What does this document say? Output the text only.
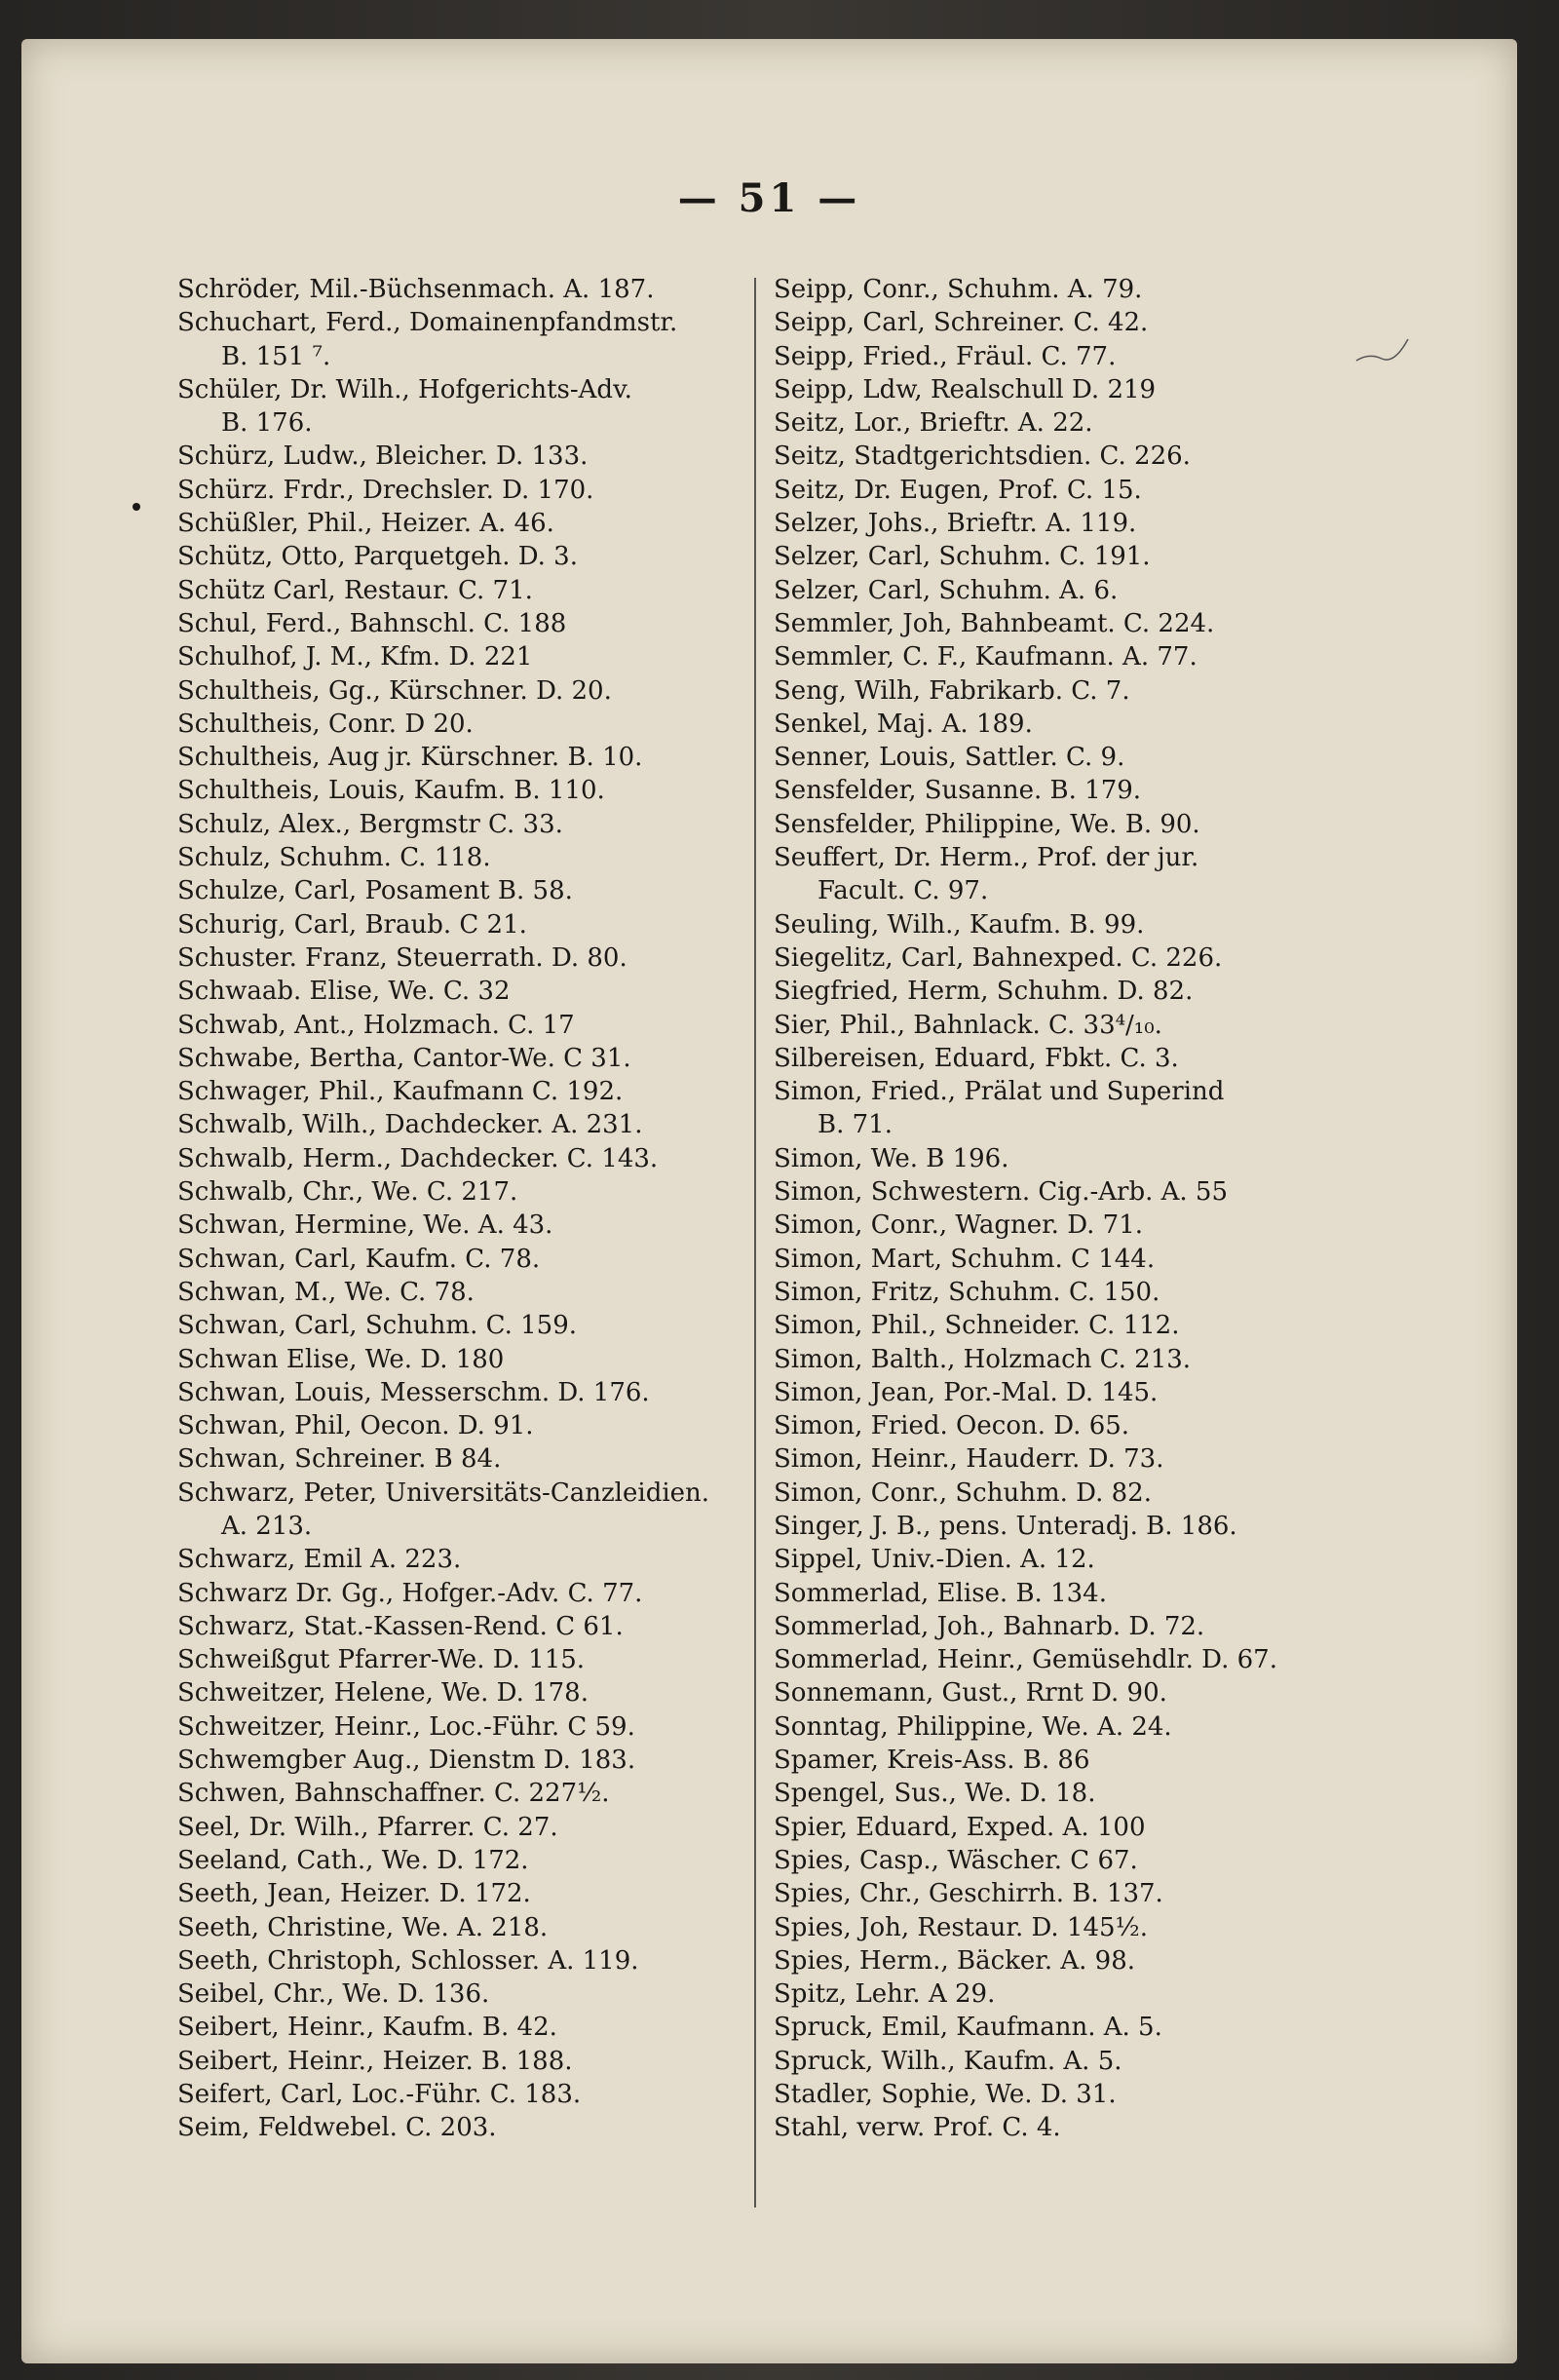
— 51 —
Schröder, Mil.-Büchsenmach. A. 187.
Schuchart, Ferd., Domainenpfandmstr.
B. 151 ⁷.
Schüler, Dr. Wilh., Hofgerichts-Adv.
B. 176.
Schürz, Ludw., Bleicher. D. 133.
Schürz. Frdr., Drechsler. D. 170.
Schüßler, Phil., Heizer. A. 46.
Schütz, Otto, Parquetgeh. D. 3.
Schütz Carl, Restaur. C. 71.
Schul, Ferd., Bahnschl. C. 188
Schulhof, J. M., Kfm. D. 221
Schultheis, Gg., Kürschner. D. 20.
Schultheis, Conr. D 20.
Schultheis, Aug jr. Kürschner. B. 10.
Schultheis, Louis, Kaufm. B. 110.
Schulz, Alex., Bergmstr C. 33.
Schulz, Schuhm. C. 118.
Schulze, Carl, Posament B. 58.
Schurig, Carl, Braub. C 21.
Schuster. Franz, Steuerrath. D. 80.
Schwaab. Elise, We. C. 32
Schwab, Ant., Holzmach. C. 17
Schwabe, Bertha, Cantor-We. C 31.
Schwager, Phil., Kaufmann C. 192.
Schwalb, Wilh., Dachdecker. A. 231.
Schwalb, Herm., Dachdecker. C. 143.
Schwalb, Chr., We. C. 217.
Schwan, Hermine, We. A. 43.
Schwan, Carl, Kaufm. C. 78.
Schwan, M., We. C. 78.
Schwan, Carl, Schuhm. C. 159.
Schwan Elise, We. D. 180
Schwan, Louis, Messerschm. D. 176.
Schwan, Phil, Oecon. D. 91.
Schwan, Schreiner. B 84.
Schwarz, Peter, Universitäts-Canzleidien.
A. 213.
Schwarz, Emil A. 223.
Schwarz Dr. Gg., Hofger.-Adv. C. 77.
Schwarz, Stat.-Kassen-Rend. C 61.
Schweißgut Pfarrer-We. D. 115.
Schweitzer, Helene, We. D. 178.
Schweitzer, Heinr., Loc.-Führ. C 59.
Schwemgber Aug., Dienstm D. 183.
Schwen, Bahnschaffner. C. 227½.
Seel, Dr. Wilh., Pfarrer. C. 27.
Seeland, Cath., We. D. 172.
Seeth, Jean, Heizer. D. 172.
Seeth, Christine, We. A. 218.
Seeth, Christoph, Schlosser. A. 119.
Seibel, Chr., We. D. 136.
Seibert, Heinr., Kaufm. B. 42.
Seibert, Heinr., Heizer. B. 188.
Seifert, Carl, Loc.-Führ. C. 183.
Seim, Feldwebel. C. 203.
Seipp, Conr., Schuhm. A. 79.
Seipp, Carl, Schreiner. C. 42.
Seipp, Fried., Fräul. C. 77.
Seipp, Ldw, Realschull D. 219
Seitz, Lor., Brieftr. A. 22.
Seitz, Stadtgerichtsdien. C. 226.
Seitz, Dr. Eugen, Prof. C. 15.
Selzer, Johs., Brieftr. A. 119.
Selzer, Carl, Schuhm. C. 191.
Selzer, Carl, Schuhm. A. 6.
Semmler, Joh, Bahnbeamt. C. 224.
Semmler, C. F., Kaufmann. A. 77.
Seng, Wilh, Fabrikarb. C. 7.
Senkel, Maj. A. 189.
Senner, Louis, Sattler. C. 9.
Sensfelder, Susanne. B. 179.
Sensfelder, Philippine, We. B. 90.
Seuffert, Dr. Herm., Prof. der jur.
Facult. C. 97.
Seuling, Wilh., Kaufm. B. 99.
Siegelitz, Carl, Bahnexped. C. 226.
Siegfried, Herm, Schuhm. D. 82.
Sier, Phil., Bahnlack. C. 33⁴/₁₀.
Silbereisen, Eduard, Fbkt. C. 3.
Simon, Fried., Prälat und Superind
B. 71.
Simon, We. B 196.
Simon, Schwestern. Cig.-Arb. A. 55
Simon, Conr., Wagner. D. 71.
Simon, Mart, Schuhm. C 144.
Simon, Fritz, Schuhm. C. 150.
Simon, Phil., Schneider. C. 112.
Simon, Balth., Holzmach C. 213.
Simon, Jean, Por.-Mal. D. 145.
Simon, Fried. Oecon. D. 65.
Simon, Heinr., Hauderr. D. 73.
Simon, Conr., Schuhm. D. 82.
Singer, J. B., pens. Unteradj. B. 186.
Sippel, Univ.-Dien. A. 12.
Sommerlad, Elise. B. 134.
Sommerlad, Joh., Bahnarb. D. 72.
Sommerlad, Heinr., Gemüsehdlr. D. 67.
Sonnemann, Gust., Rrnt D. 90.
Sonntag, Philippine, We. A. 24.
Spamer, Kreis-Ass. B. 86
Spengel, Sus., We. D. 18.
Spier, Eduard, Exped. A. 100
Spies, Casp., Wäscher. C 67.
Spies, Chr., Geschirrh. B. 137.
Spies, Joh, Restaur. D. 145½.
Spies, Herm., Bäcker. A. 98.
Spitz, Lehr. A 29.
Spruck, Emil, Kaufmann. A. 5.
Spruck, Wilh., Kaufm. A. 5.
Stadler, Sophie, We. D. 31.
Stahl, verw. Prof. C. 4.
